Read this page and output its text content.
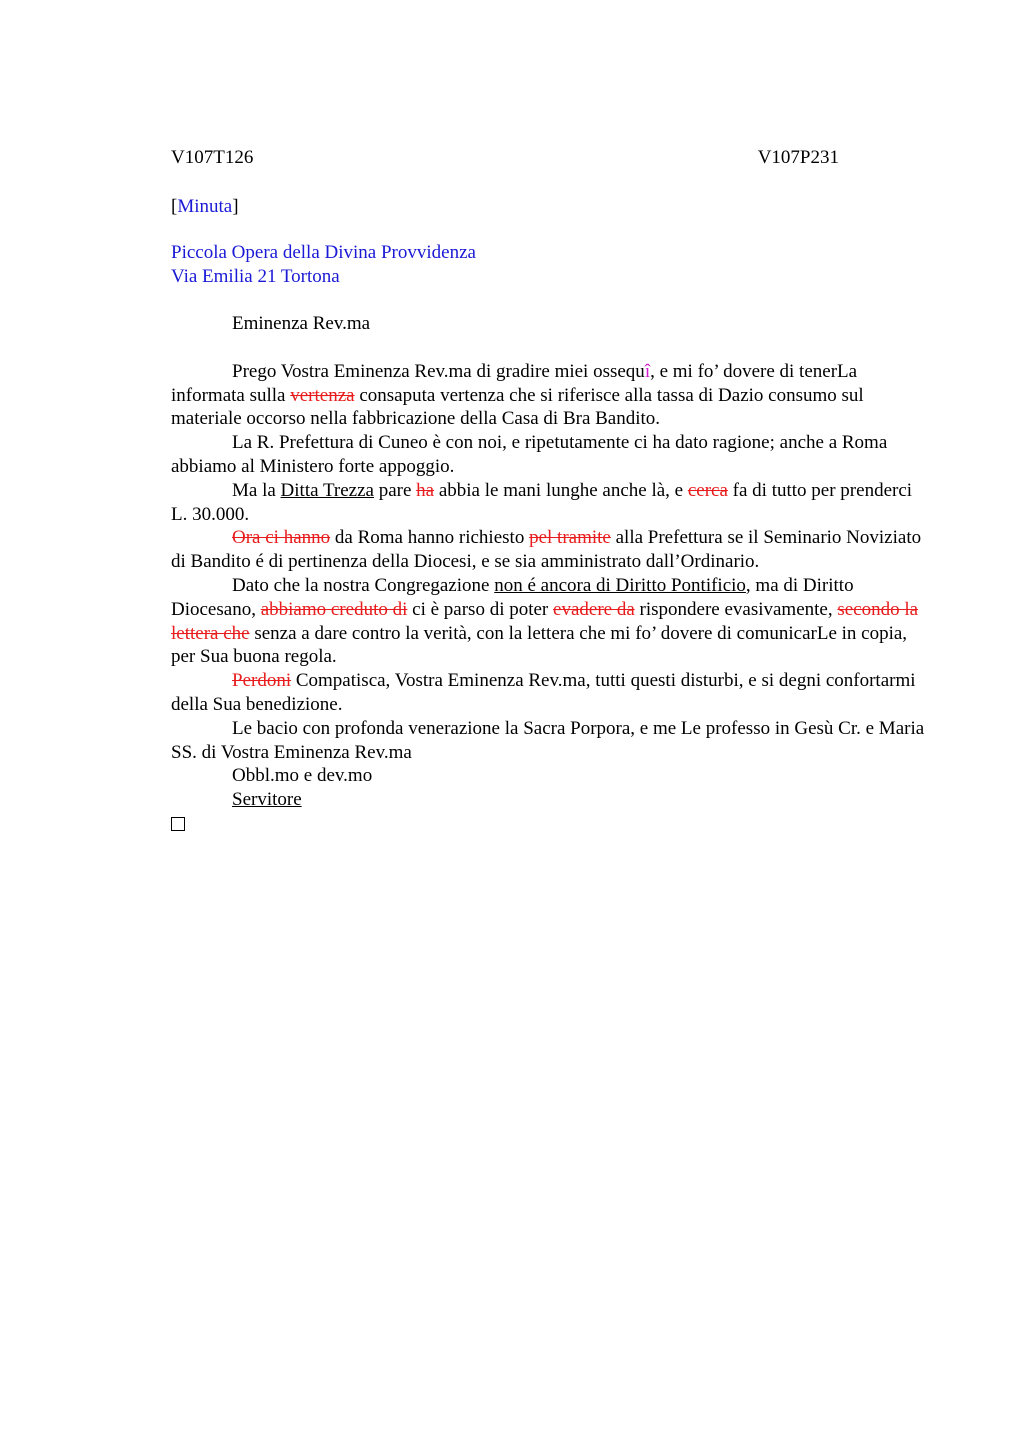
V107T126	V107P231
[Minuta]
Piccola Opera della Divina Provvidenza
Via Emilia 21 Tortona

Eminenza Rev.ma

Prego Vostra Eminenza Rev.ma di gradire miei ossequî, e mi fo’ dovere di tenerLa informata sulla vertenza consaputa vertenza che si riferisce alla tassa di Dazio consumo sul materiale occorso nella fabbricazione della Casa di Bra Bandito.

La R. Prefettura di Cuneo è con noi, e ripetutamente ci ha dato ragione; anche a Roma abbiamo al Ministero forte appoggio.

Ma la Ditta Trezza pare ha abbia le mani lunghe anche là, e cerca fa di tutto per prenderci L. 30.000.

Ora ci hanno da Roma hanno richiesto pel tramite alla Prefettura se il Seminario Noviziato di Bandito é di pertinenza della Diocesi, e se sia amministrato dall’Ordinario.

Dato che la nostra Congregazione non é ancora di Diritto Pontificio, ma di Diritto Diocesano, abbiamo creduto di ci è parso di poter evadere da rispondere evasivamente, secondo la lettera che senza a dare contro la verità, con la lettera che mi fo’ dovere di comunicarLe in copia, per Sua buona regola.

Perdoni Compatisca, Vostra Eminenza Rev.ma, tutti questi disturbi, e si degni confortarmi della Sua benedizione.

Le bacio con profonda venerazione la Sacra Porpora, e me Le professo in Gesù Cr. e Maria SS. di Vostra Eminenza Rev.ma

Obbl.mo e dev.mo
Servitore
